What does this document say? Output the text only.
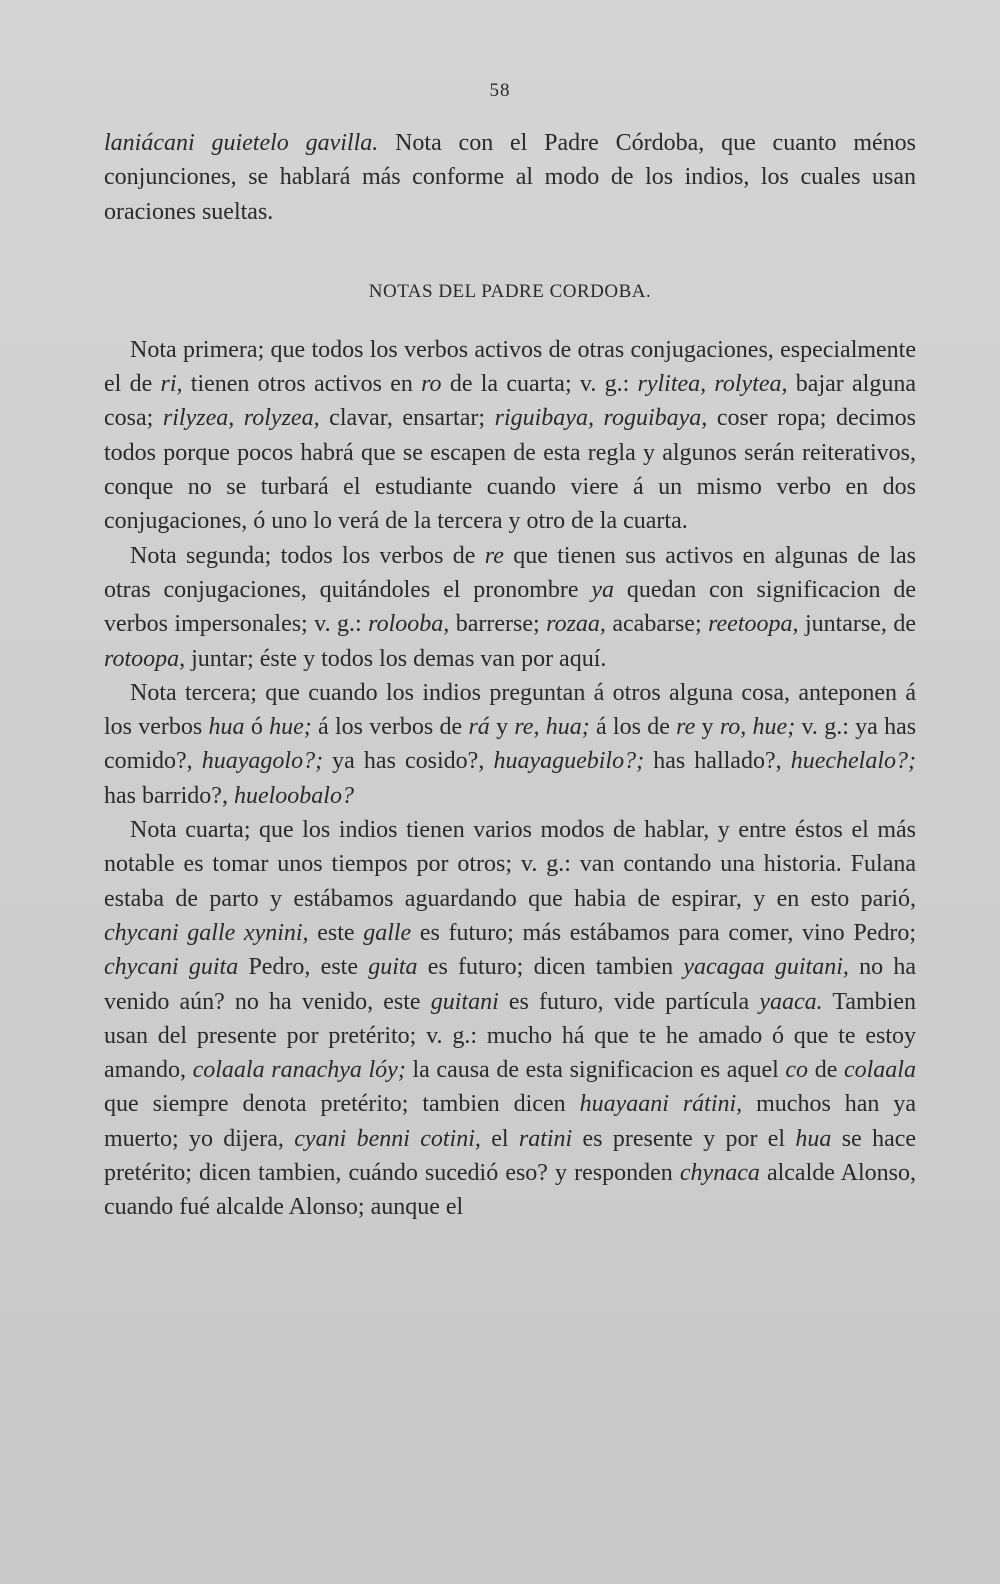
58

laniácani guietelo gavilla. Nota con el Padre Córdoba, que cuanto ménos conjunciones, se hablará más conforme al modo de los indios, los cuales usan oraciones sueltas.

NOTAS DEL PADRE CORDOBA.

Nota primera; que todos los verbos activos de otras conjugaciones, especialmente el de ri, tienen otros activos en ro de la cuarta; v. g.: rylitea, rolytea, bajar alguna cosa; rilyzea, rolyzea, clavar, ensartar; riguibaya, roguibaya, coser ropa; decimos todos porque pocos habrá que se escapen de esta regla y algunos serán reiterativos, conque no se turbará el estudiante cuando viere á un mismo verbo en dos conjugaciones, ó uno lo verá de la tercera y otro de la cuarta.

Nota segunda; todos los verbos de re que tienen sus activos en algunas de las otras conjugaciones, quitándoles el pronombre ya quedan con significacion de verbos impersonales; v. g.: rolooba, barrerse; rozaa, acabarse; reetoopa, juntarse, de rotoopa, juntar; éste y todos los demas van por aquí.

Nota tercera; que cuando los indios preguntan á otros alguna cosa, anteponen á los verbos hua ó hue; á los verbos de rá y re, hua; á los de re y ro, hue; v. g.: ya has comido?, huayagolo?; ya has cosido?, huayaguebilo?; has hallado?, huechelalo?; has barrido?, hueloobalo?

Nota cuarta; que los indios tienen varios modos de hablar, y entre éstos el más notable es tomar unos tiempos por otros; v. g.: van contando una historia. Fulana estaba de parto y estábamos aguardando que habia de espirar, y en esto parió, chycani galle xynini, este galle es futuro; más estábamos para comer, vino Pedro; chycani guita Pedro, este guita es futuro; dicen tambien yacagaa guitani, no ha venido aún? no ha venido, este guitani es futuro, vide partícula yaaca. Tambien usan del presente por pretérito; v. g.: mucho há que te he amado ó que te estoy amando, colaala ranachya lóy; la causa de esta significacion es aquel co de colaala que siempre denota pretérito; tambien dicen huayaani rátini, muchos han ya muerto; yo dijera, cyani benni cotini, el ratini es presente y por el hua se hace pretérito; dicen tambien, cuándo sucedió eso? y responden chynaca alcalde Alonso, cuando fué alcalde Alonso; aunque el
